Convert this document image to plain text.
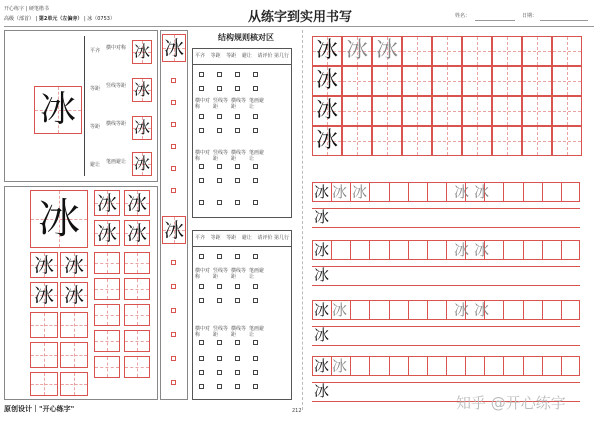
开心练字 | 硬笔楷书
高级（部首） | 第2单元（左偏旁） | 冰（0753）	从练字到实用书写	姓名：	日期：
冰
平齐 横中对称 冰
等距 竖线等距 冰
等距 横线等距 冰
避让 笔画避让 冰
冰
冰
冰 冰 冰
冰 冰
冰 冰
冰 冰
结构规则核对区
平齐 等距 等距 避让 请评价 第几行
横中对称
竖线等距
横线等距
笔画避让
横中对称
竖线等距
横线等距
笔画避让
平齐 等距 等距 避让 请评价 第几行
横中对称
竖线等距
横线等距
笔画避让
横中对称
竖线等距
横线等距
笔画避让
冰 冰 冰
冰
冰
冰
冰 冰 冰	冰 冰
冰
冰	冰 冰
冰
冰 冰	冰 冰
冰
冰 冰
冰
原创设计｜"开心练字"	212	知乎 @开心练字
